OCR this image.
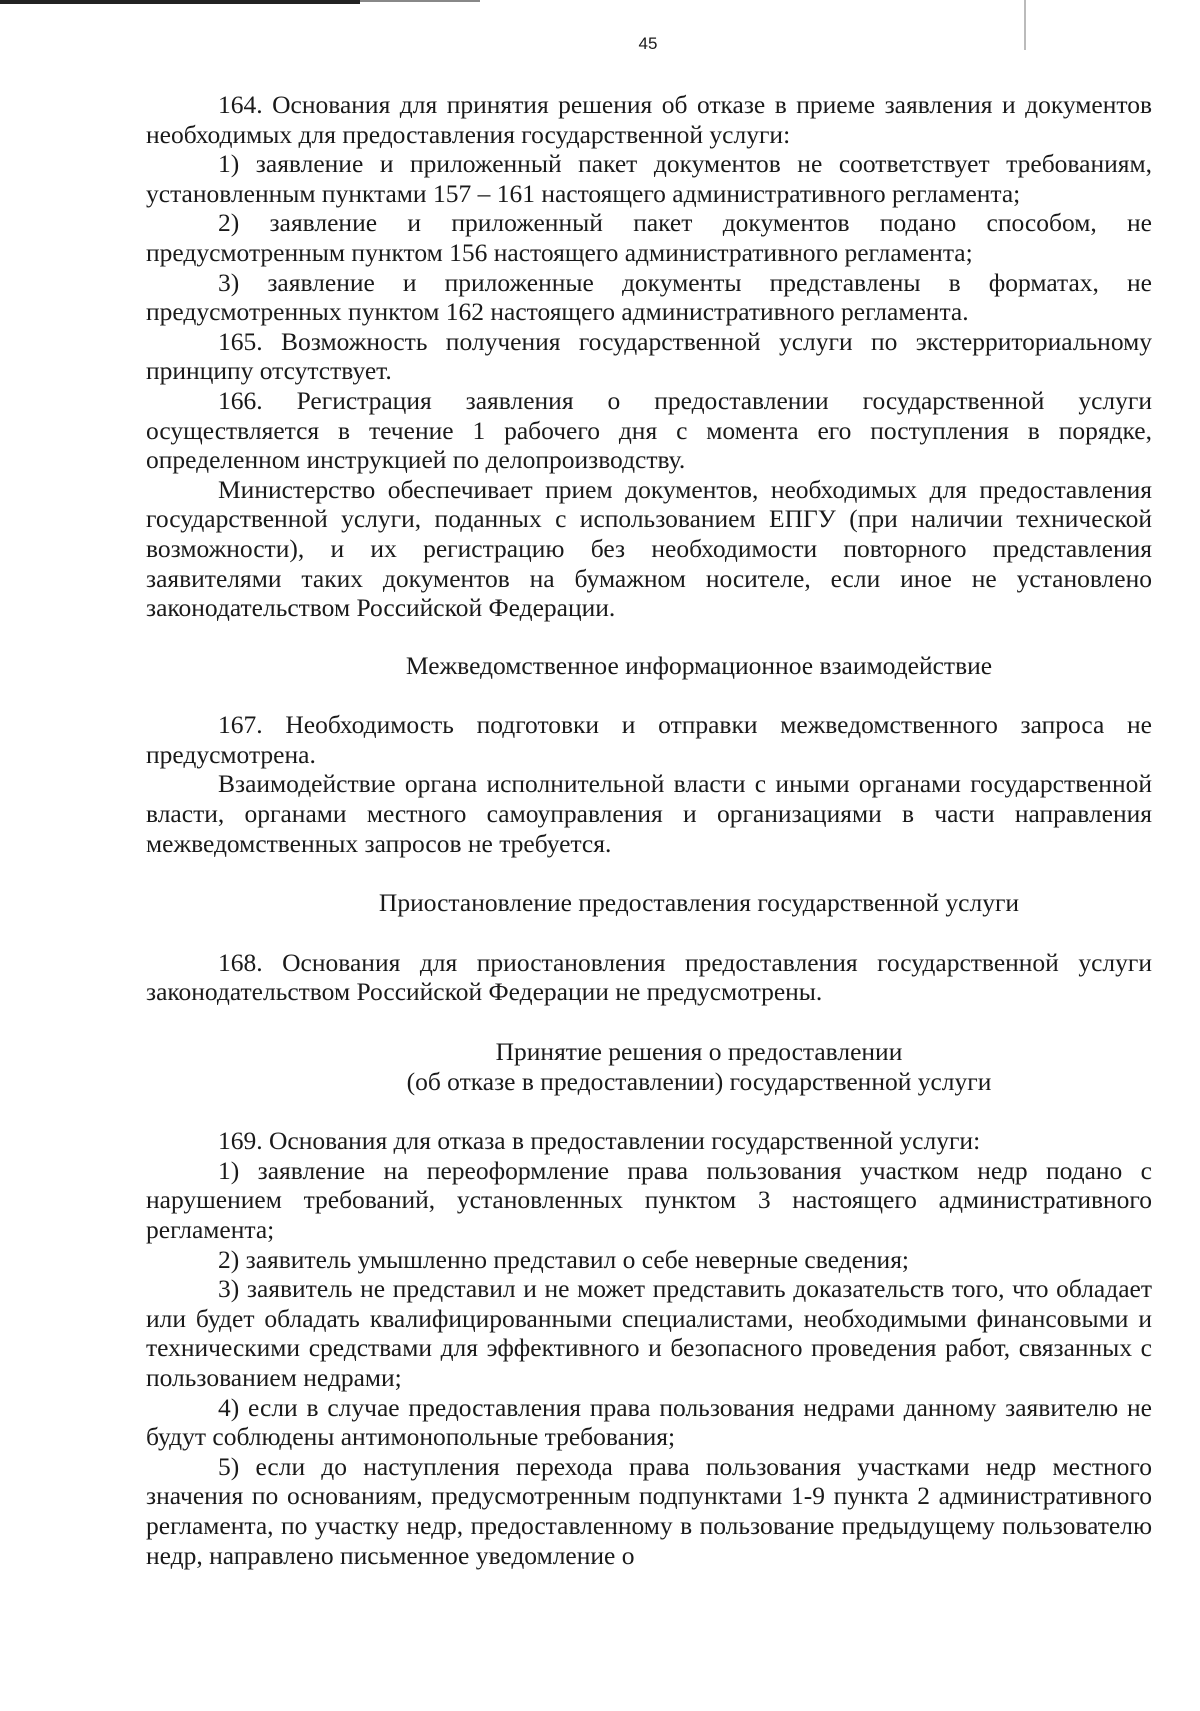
45

164. Основания для принятия решения об отказе в приеме заявления и документов необходимых для предоставления государственной услуги:

1) заявление и приложенный пакет документов не соответствует требованиям, установленным пунктами 157 – 161 настоящего административного регламента;

2) заявление и приложенный пакет документов подано способом, не предусмотренным пунктом 156 настоящего административного регламента;

3) заявление и приложенные документы представлены в форматах, не предусмотренных пунктом 162 настоящего административного регламента.

165. Возможность получения государственной услуги по экстерриториальному принципу отсутствует.

166. Регистрация заявления о предоставлении государственной услуги осуществляется в течение 1 рабочего дня с момента его поступления в порядке, определенном инструкцией по делопроизводству.

Министерство обеспечивает прием документов, необходимых для предоставления государственной услуги, поданных с использованием ЕПГУ (при наличии технической возможности), и их регистрацию без необходимости повторного представления заявителями таких документов на бумажном носителе, если иное не установлено законодательством Российской Федерации.

Межведомственное информационное взаимодействие

167. Необходимость подготовки и отправки межведомственного запроса не предусмотрена.

Взаимодействие органа исполнительной власти с иными органами государственной власти, органами местного самоуправления и организациями в части направления межведомственных запросов не требуется.

Приостановление предоставления государственной услуги

168. Основания для приостановления предоставления государственной услуги законодательством Российской Федерации не предусмотрены.

Принятие решения о предоставлении
(об отказе в предоставлении) государственной услуги

169. Основания для отказа в предоставлении государственной услуги:

1) заявление на переоформление права пользования участком недр подано с нарушением требований, установленных пунктом 3 настоящего административного регламента;

2) заявитель умышленно представил о себе неверные сведения;

3) заявитель не представил и не может представить доказательств того, что обладает или будет обладать квалифицированными специалистами, необходимыми финансовыми и техническими средствами для эффективного и безопасного проведения работ, связанных с пользованием недрами;

4) если в случае предоставления права пользования недрами данному заявителю не будут соблюдены антимонопольные требования;

5) если до наступления перехода права пользования участками недр местного значения по основаниям, предусмотренным подпунктами 1-9 пункта 2 административного регламента, по участку недр, предоставленному в пользование предыдущему пользователю недр, направлено письменное уведомление о
